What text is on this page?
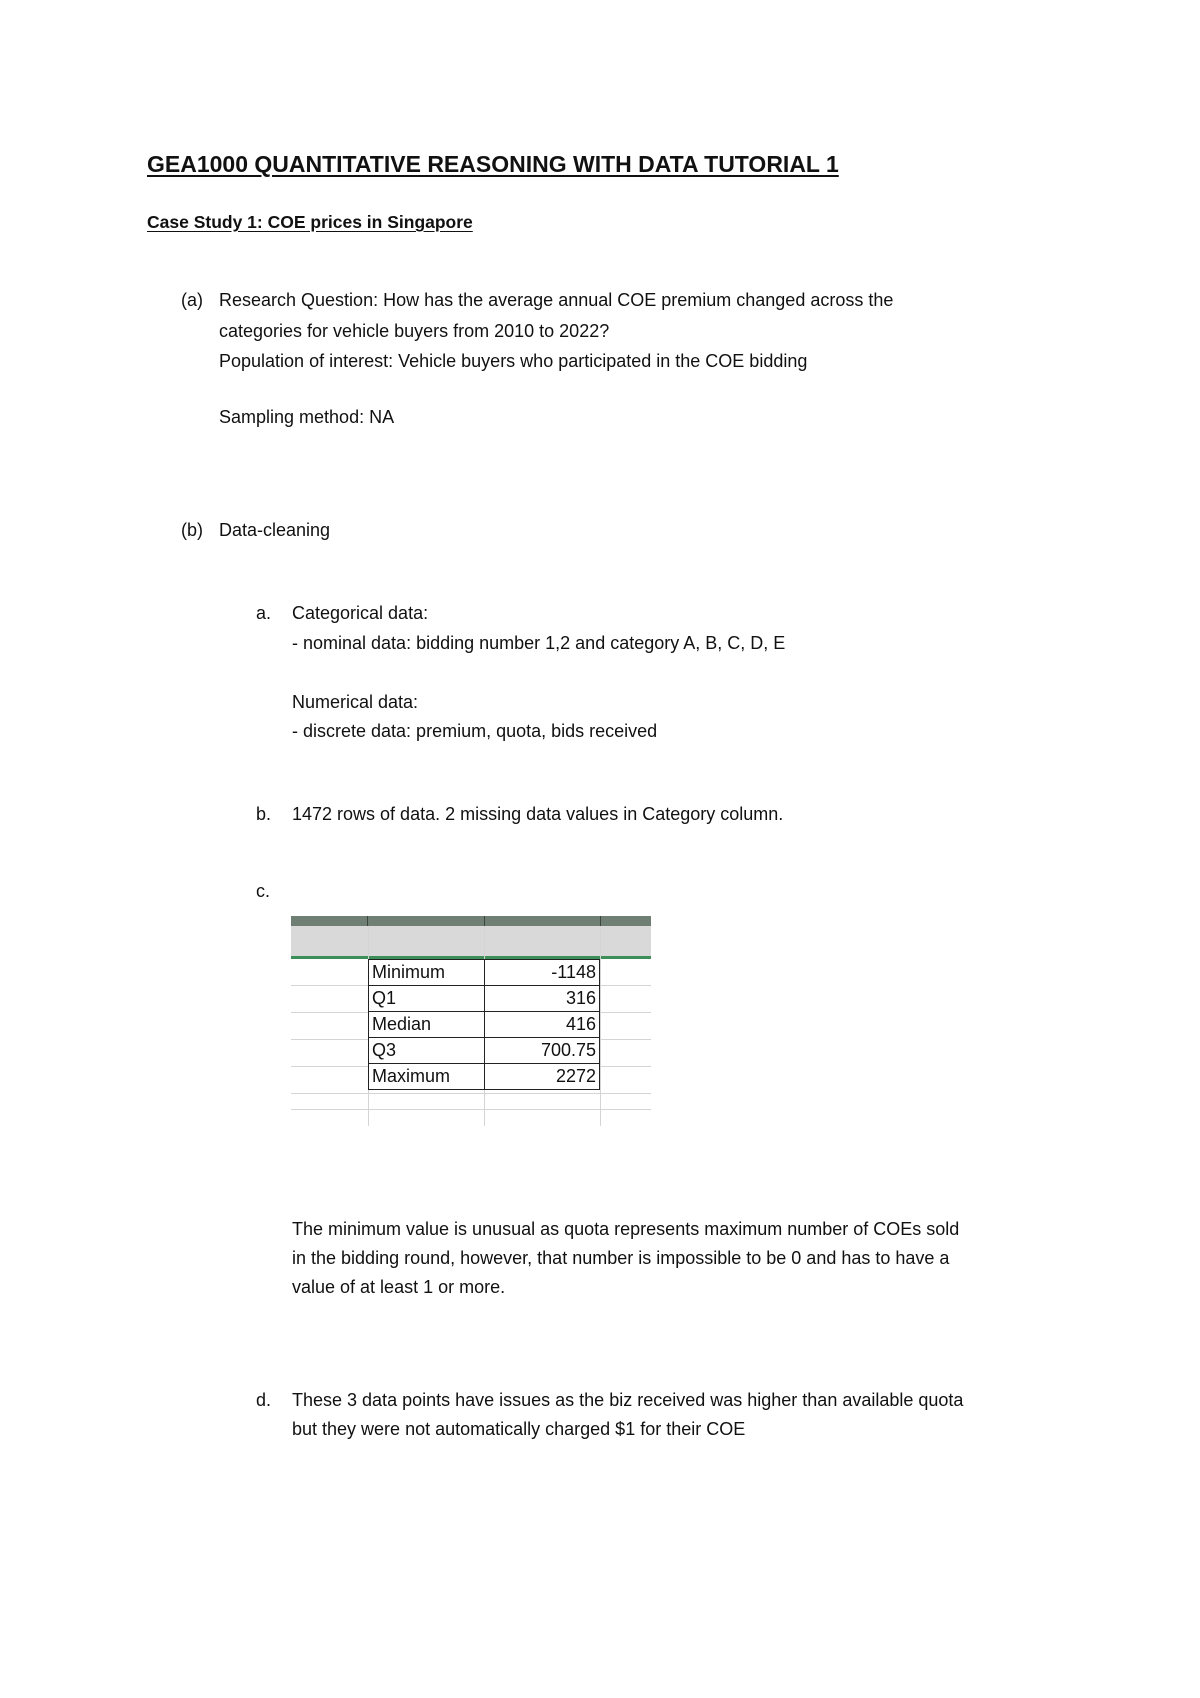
GEA1000 QUANTITATIVE REASONING WITH DATA TUTORIAL 1
Case Study 1: COE prices in Singapore
(a) Research Question: How has the average annual COE premium changed across the
categories for vehicle buyers from 2010 to 2022?
Population of interest: Vehicle buyers who participated in the COE bidding
Sampling method: NA
(b) Data-cleaning
a. Categorical data:
- nominal data: bidding number 1,2 and category A, B, C, D, E
Numerical data:
- discrete data: premium, quota, bids received
b. 1472 rows of data. 2 missing data values in Category column.
c.
Minimum	-1148
Q1	316
Median	416
Q3	700.75
Maximum	2272
The minimum value is unusual as quota represents maximum number of COEs sold
in the bidding round, however, that number is impossible to be 0 and has to have a
value of at least 1 or more.
d. These 3 data points have issues as the biz received was higher than available quota
but they were not automatically charged $1 for their COE
